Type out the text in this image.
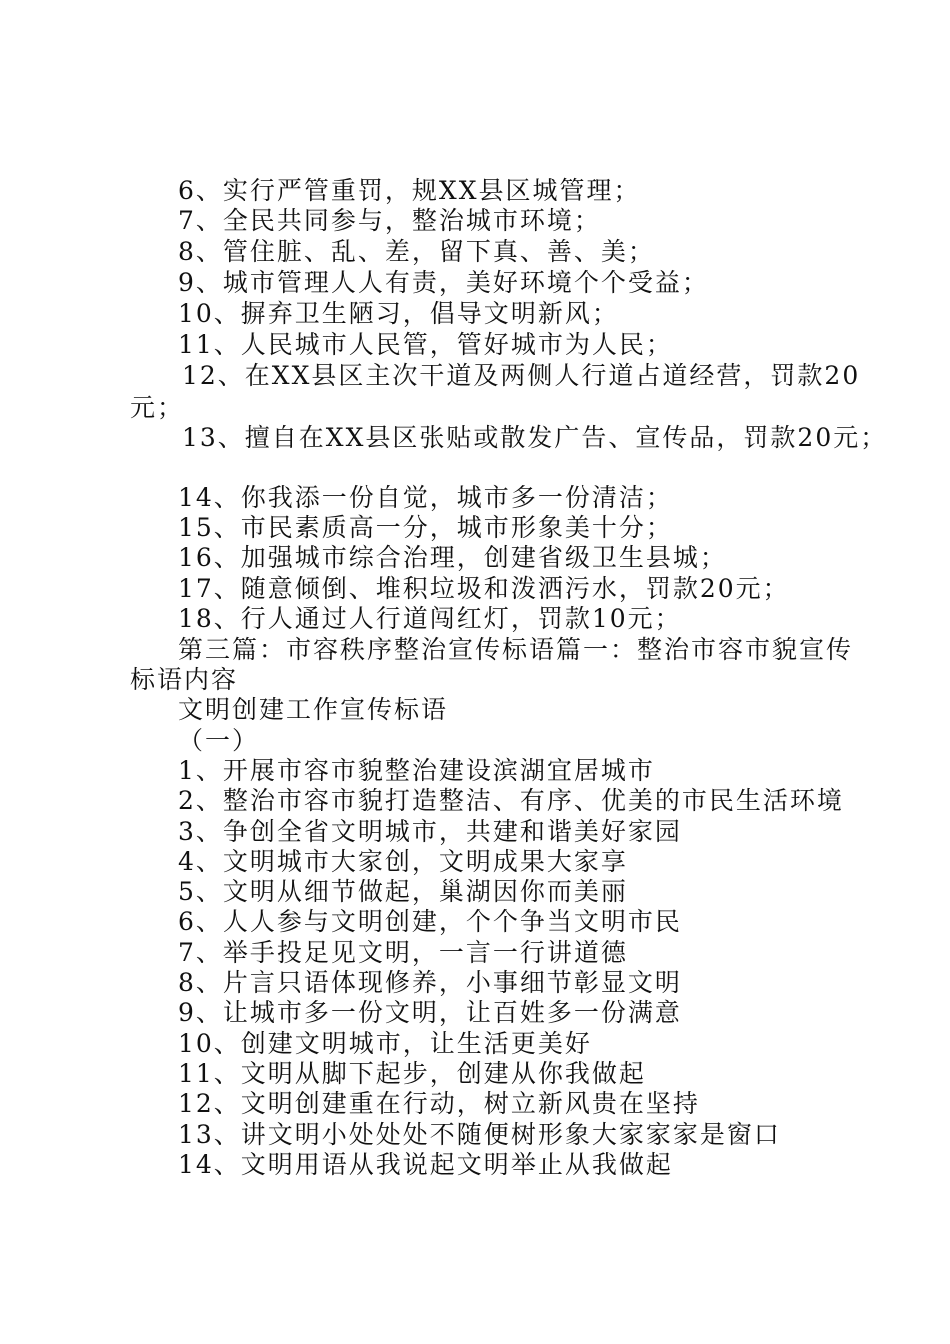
6、实行严管重罚，规XX县区城管理；
7、全民共同参与，整治城市环境；
8、管住脏、乱、差，留下真、善、美；
9、城市管理人人有责，美好环境个个受益；
10、摒弃卫生陋习，倡导文明新风；
11、人民城市人民管，管好城市为人民；
12、在XX县区主次干道及两侧人行道占道经营，罚款20
元；
13、擅自在XX县区张贴或散发广告、宣传品，罚款20元；
14、你我添一份自觉，城市多一份清洁；
15、市民素质高一分，城市形象美十分；
16、加强城市综合治理，创建省级卫生县城；
17、随意倾倒、堆积垃圾和泼洒污水，罚款20元；
18、行人通过人行道闯红灯，罚款10元；
第三篇：市容秩序整治宣传标语篇一：整治市容市貌宣传
标语内容
文明创建工作宣传标语
（一）
1、开展市容市貌整治建设滨湖宜居城市
2、整治市容市貌打造整洁、有序、优美的市民生活环境
3、争创全省文明城市，共建和谐美好家园
4、文明城市大家创，文明成果大家享
5、文明从细节做起，巢湖因你而美丽
6、人人参与文明创建，个个争当文明市民
7、举手投足见文明，一言一行讲道德
8、片言只语体现修养，小事细节彰显文明
9、让城市多一份文明，让百姓多一份满意
10、创建文明城市，让生活更美好
11、文明从脚下起步，创建从你我做起
12、文明创建重在行动，树立新风贵在坚持
13、讲文明小处处处不随便树形象大家家家是窗口
14、文明用语从我说起文明举止从我做起
